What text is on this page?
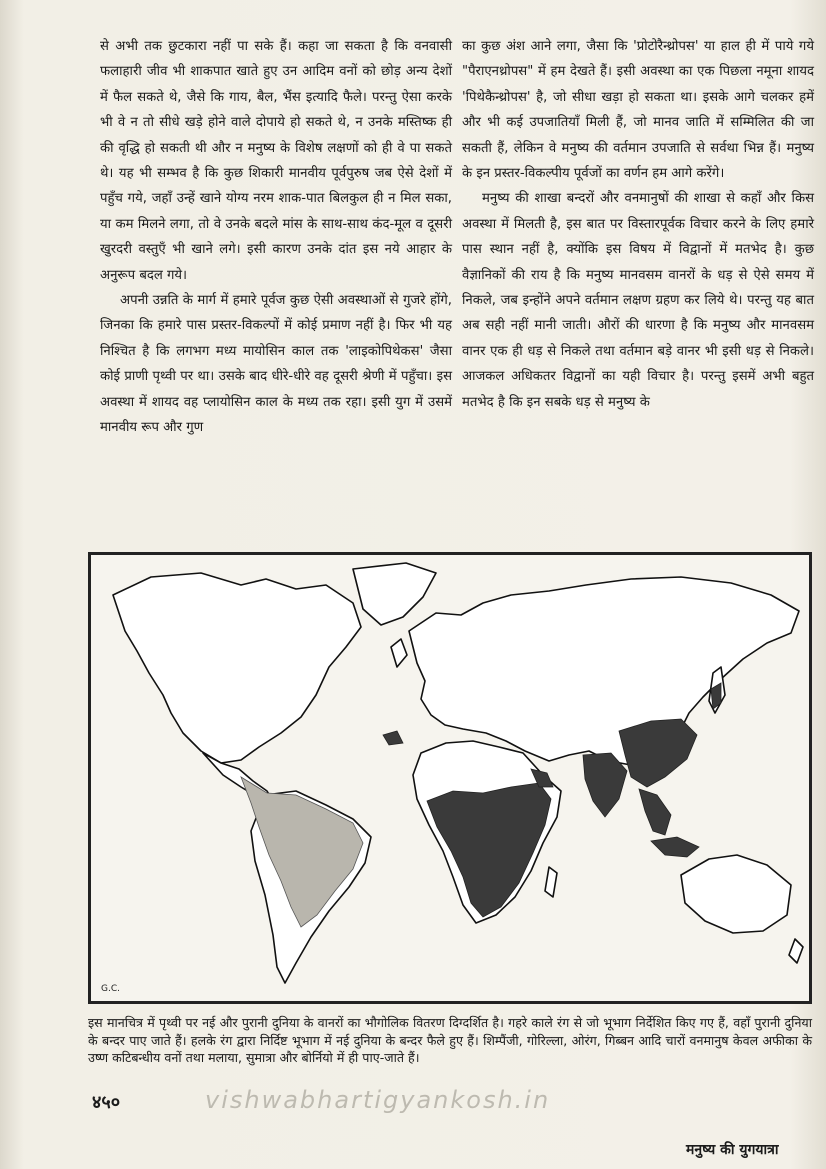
से अभी तक छुटकारा नहीं पा सके हैं। कहा जा सकता है कि वनवासी फलाहारी जीव भी शाकपात खाते हुए उन आदिम वनों को छोड़ अन्य देशों में फैल सकते थे, जैसे कि गाय, बैल, भैंस इत्यादि फैले। परन्तु ऐसा करके भी वे न तो सीधे खड़े होने वाले दोपाये हो सकते थे, न उनके मस्तिष्क ही की वृद्धि हो सकती थी और न मनुष्य के विशेष लक्षणों को ही वे पा सकते थे। यह भी सम्भव है कि कुछ शिकारी मानवीय पूर्वपुरुष जब ऐसे देशों में पहुँच गये, जहाँ उन्हें खाने योग्य नरम शाक-पात बिलकुल ही न मिल सका, या कम मिलने लगा, तो वे उनके बदले मांस के साथ-साथ कंद-मूल व दूसरी खुरदरी वस्तुएँ भी खाने लगे। इसी कारण उनके दांत इस नये आहार के अनुरूप बदल गये।

अपनी उन्नति के मार्ग में हमारे पूर्वज कुछ ऐसी अवस्थाओं से गुजरे होंगे, जिनका कि हमारे पास प्रस्तर-विकल्पों में कोई प्रमाण नहीं है। फिर भी यह निश्चित है कि लगभग मध्य मायोसिन काल तक 'लाइकोपिथेकस' जैसा कोई प्राणी पृथ्वी पर था। उसके बाद धीरे-धीरे वह दूसरी श्रेणी में पहुँचा। इस अवस्था में शायद वह प्लायोसिन काल के मध्य तक रहा। इसी युग में उसमें मानवीय रूप और गुण

का कुछ अंश आने लगा, जैसा कि 'प्रोटोरैन्थ्रोपस' या हाल ही में पाये गये "पैराएनथ्रोपस" में हम देखते हैं। इसी अवस्था का एक पिछला नमूना शायद 'पिथेकैन्थ्रोपस' है, जो सीधा खड़ा हो सकता था। इसके आगे चलकर हमें और भी कई उपजातियाँ मिली हैं, जो मानव जाति में सम्मिलित की जा सकती हैं, लेकिन वे मनुष्य की वर्तमान उपजाति से सर्वथा भिन्न हैं। मनुष्य के इन प्रस्तर-विकल्पीय पूर्वजों का वर्णन हम आगे करेंगे।

मनुष्य की शाखा बन्दरों और वनमानुषों की शाखा से कहाँ और किस अवस्था में मिलती है, इस बात पर विस्तारपूर्वक विचार करने के लिए हमारे पास स्थान नहीं है, क्योंकि इस विषय में विद्वानों में मतभेद है। कुछ वैज्ञानिकों की राय है कि मनुष्य मानवसम वानरों के धड़ से ऐसे समय में निकले, जब इन्होंने अपने वर्तमान लक्षण ग्रहण कर लिये थे। परन्तु यह बात अब सही नहीं मानी जाती। औरों की धारणा है कि मनुष्य और मानवसम वानर एक ही धड़ से निकले तथा वर्तमान बड़े वानर भी इसी धड़ से निकले। आजकल अधिकतर विद्वानों का यही विचार है। परन्तु इसमें अभी बहुत मतभेद है कि इन सबके धड़ से मनुष्य के

G.C.
इस मानचित्र में पृथ्वी पर नई और पुरानी दुनिया के वानरों का भौगोलिक वितरण दिग्दर्शित है। गहरे काले रंग से जो भूभाग निर्देशित किए गए हैं, वहाँ पुरानी दुनिया के बन्दर पाए जाते हैं। हलके रंग द्वारा निर्दिष्ट भूभाग में नई दुनिया के बन्दर फैले हुए हैं। शिम्पैंजी, गोरिल्ला, ओरंग, गिब्बन आदि चारों वनमानुष केवल अफीका के उष्ण कटिबन्धीय वनों तथा मलाया, सुमात्रा और बोर्नियो में ही पाए-जाते हैं।
४५०	vishwabhartigyankosh.in
मनुष्य की युगयात्रा
